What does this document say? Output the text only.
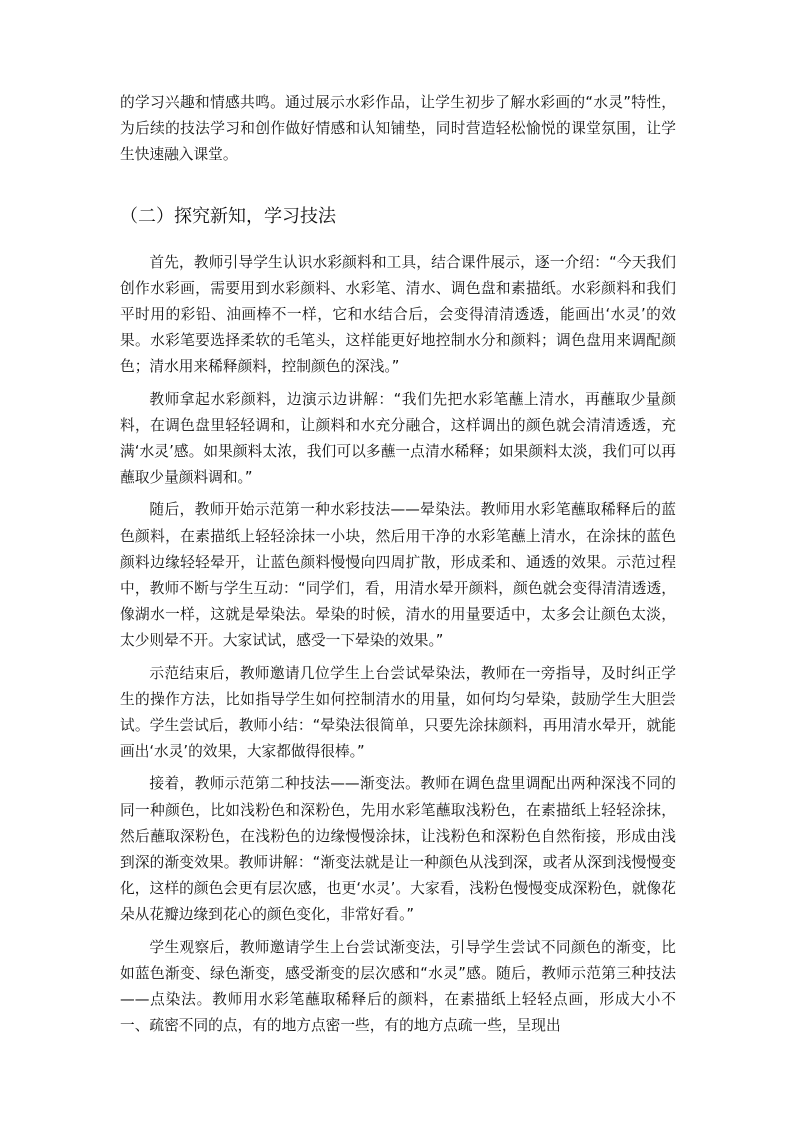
的学习兴趣和情感共鸣。通过展示水彩作品，让学生初步了解水彩画的“水灵”特性，为后续的技法学习和创作做好情感和认知铺垫，同时营造轻松愉悦的课堂氛围，让学生快速融入课堂。

（二）探究新知，学习技法

首先，教师引导学生认识水彩颜料和工具，结合课件展示，逐一介绍：“今天我们创作水彩画，需要用到水彩颜料、水彩笔、清水、调色盘和素描纸。水彩颜料和我们平时用的彩铅、油画棒不一样，它和水结合后，会变得清清透透，能画出‘水灵’的效果。水彩笔要选择柔软的毛笔头，这样能更好地控制水分和颜料；调色盘用来调配颜色；清水用来稀释颜料，控制颜色的深浅。”

教师拿起水彩颜料，边演示边讲解：“我们先把水彩笔蘸上清水，再蘸取少量颜料，在调色盘里轻轻调和，让颜料和水充分融合，这样调出的颜色就会清清透透，充满‘水灵’感。如果颜料太浓，我们可以多蘸一点清水稀释；如果颜料太淡，我们可以再蘸取少量颜料调和。”

随后，教师开始示范第一种水彩技法——晕染法。教师用水彩笔蘸取稀释后的蓝色颜料，在素描纸上轻轻涂抹一小块，然后用干净的水彩笔蘸上清水，在涂抹的蓝色颜料边缘轻轻晕开，让蓝色颜料慢慢向四周扩散，形成柔和、通透的效果。示范过程中，教师不断与学生互动：“同学们，看，用清水晕开颜料，颜色就会变得清清透透，像湖水一样，这就是晕染法。晕染的时候，清水的用量要适中，太多会让颜色太淡，太少则晕不开。大家试试，感受一下晕染的效果。”

示范结束后，教师邀请几位学生上台尝试晕染法，教师在一旁指导，及时纠正学生的操作方法，比如指导学生如何控制清水的用量，如何均匀晕染，鼓励学生大胆尝试。学生尝试后，教师小结：“晕染法很简单，只要先涂抹颜料，再用清水晕开，就能画出‘水灵’的效果，大家都做得很棒。”

接着，教师示范第二种技法——渐变法。教师在调色盘里调配出两种深浅不同的同一种颜色，比如浅粉色和深粉色，先用水彩笔蘸取浅粉色，在素描纸上轻轻涂抹，然后蘸取深粉色，在浅粉色的边缘慢慢涂抹，让浅粉色和深粉色自然衔接，形成由浅到深的渐变效果。教师讲解：“渐变法就是让一种颜色从浅到深，或者从深到浅慢慢变化，这样的颜色会更有层次感，也更‘水灵’。大家看，浅粉色慢慢变成深粉色，就像花朵从花瓣边缘到花心的颜色变化，非常好看。”

学生观察后，教师邀请学生上台尝试渐变法，引导学生尝试不同颜色的渐变，比如蓝色渐变、绿色渐变，感受渐变的层次感和“水灵”感。随后，教师示范第三种技法——点染法。教师用水彩笔蘸取稀释后的颜料，在素描纸上轻轻点画，形成大小不一、疏密不同的点，有的地方点密一些，有的地方点疏一些，呈现出
